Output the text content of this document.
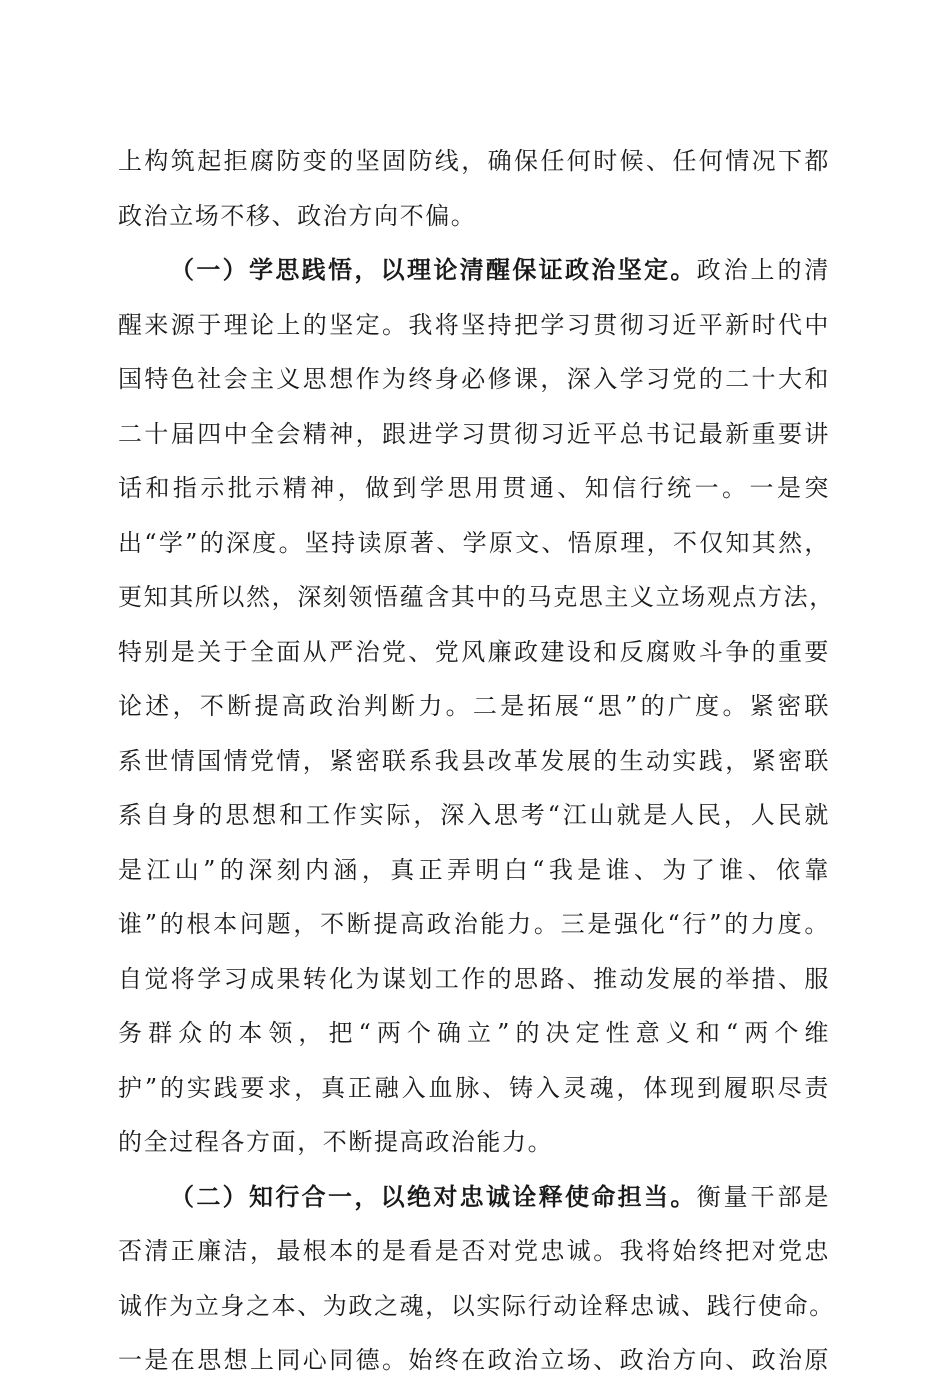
上构筑起拒腐防变的坚固防线，确保任何时候、任何情况下都
政治立场不移、政治方向不偏。
（一）学思践悟，以理论清醒保证政治坚定。政治上的清
醒来源于理论上的坚定。我将坚持把学习贯彻习近平新时代中
国特色社会主义思想作为终身必修课，深入学习党的二十大和
二十届四中全会精神，跟进学习贯彻习近平总书记最新重要讲
话和指示批示精神，做到学思用贯通、知信行统一。一是突
出“学”的深度。坚持读原著、学原文、悟原理，不仅知其然，
更知其所以然，深刻领悟蕴含其中的马克思主义立场观点方法，
特别是关于全面从严治党、党风廉政建设和反腐败斗争的重要
论述，不断提高政治判断力。二是拓展“思”的广度。紧密联
系世情国情党情，紧密联系我县改革发展的生动实践，紧密联
系自身的思想和工作实际，深入思考“江山就是人民，人民就
是江山”的深刻内涵，真正弄明白“我是谁、为了谁、依靠
谁”的根本问题，不断提高政治能力。三是强化“行”的力度。
自觉将学习成果转化为谋划工作的思路、推动发展的举措、服
务群众的本领，把“两个确立”的决定性意义和“两个维
护”的实践要求，真正融入血脉、铸入灵魂，体现到履职尽责
的全过程各方面，不断提高政治能力。
（二）知行合一，以绝对忠诚诠释使命担当。衡量干部是
否清正廉洁，最根本的是看是否对党忠诚。我将始终把对党忠
诚作为立身之本、为政之魂，以实际行动诠释忠诚、践行使命。
一是在思想上同心同德。始终在政治立场、政治方向、政治原
